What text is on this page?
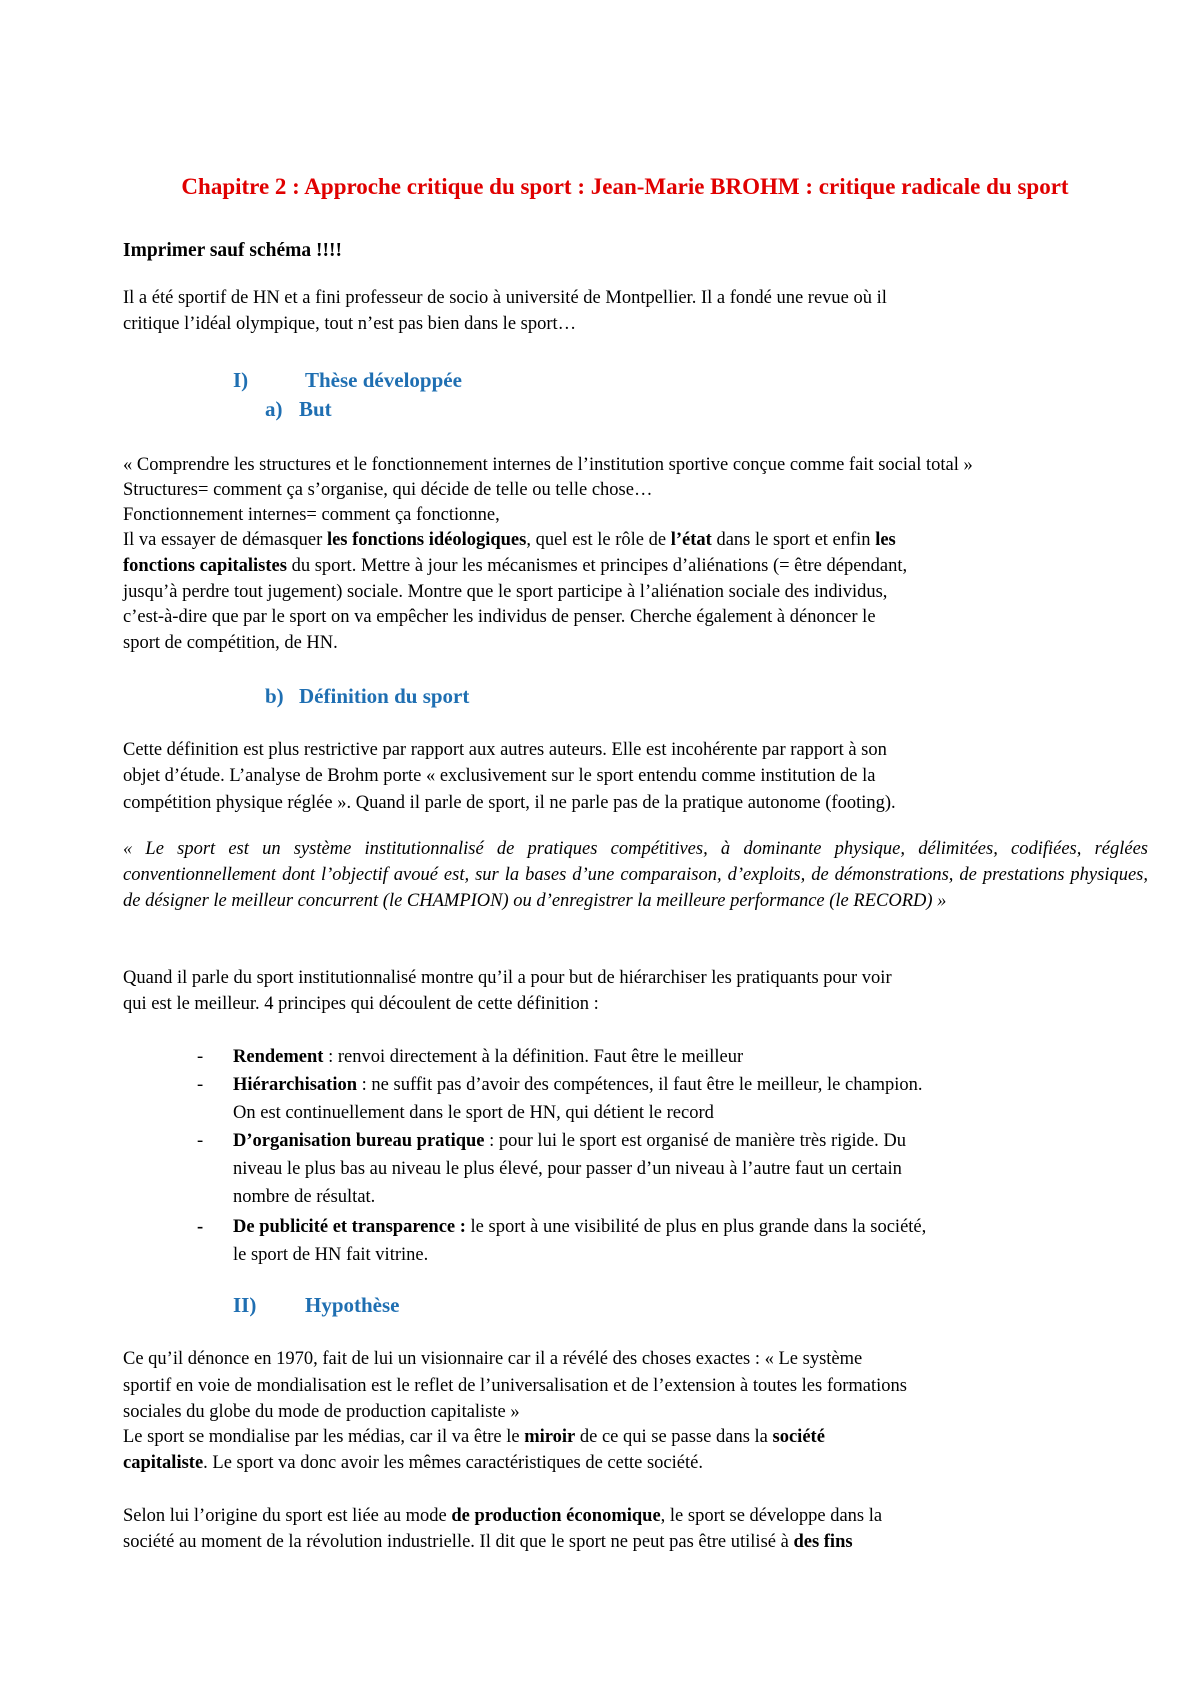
Chapitre 2 : Approche critique du sport : Jean-Marie BROHM : critique radicale du sport
Imprimer sauf schéma !!!!
Il a été sportif de HN et a fini professeur de socio à université de Montpellier. Il a fondé une revue où il
critique l’idéal olympique, tout n’est pas bien dans le sport…
I)	Thèse développée
a) But
« Comprendre les structures et le fonctionnement internes de l’institution sportive conçue comme fait social total »
Structures= comment ça s’organise, qui décide de telle ou telle chose…
Fonctionnement internes= comment ça fonctionne,
Il va essayer de démasquer les fonctions idéologiques, quel est le rôle de l’état dans le sport et enfin les
fonctions capitalistes du sport. Mettre à jour les mécanismes et principes d’aliénations (= être dépendant,
jusqu’à perdre tout jugement) sociale. Montre que le sport participe à l’aliénation sociale des individus,
c’est-à-dire que par le sport on va empêcher les individus de penser. Cherche également à dénoncer le
sport de compétition, de HN.
b) Définition du sport
Cette définition est plus restrictive par rapport aux autres auteurs. Elle est incohérente par rapport à son
objet d’étude. L’analyse de Brohm porte « exclusivement sur le sport entendu comme institution de la
compétition physique réglée ». Quand il parle de sport, il ne parle pas de la pratique autonome (footing).
« Le sport est un système institutionnalisé de pratiques compétitives, à dominante physique, délimitées, codifiées, réglées conventionnellement dont l’objectif avoué est, sur la bases d’une comparaison, d’exploits, de démonstrations, de prestations physiques, de désigner le meilleur concurrent (le CHAMPION) ou d’enregistrer la meilleure performance (le RECORD) »
Quand il parle du sport institutionnalisé montre qu’il a pour but de hiérarchiser les pratiquants pour voir
qui est le meilleur. 4 principes qui découlent de cette définition :
- Rendement : renvoi directement à la définition. Faut être le meilleur
- Hiérarchisation : ne suffit pas d’avoir des compétences, il faut être le meilleur, le champion.
On est continuellement dans le sport de HN, qui détient le record
- D’organisation bureau pratique : pour lui le sport est organisé de manière très rigide. Du
niveau le plus bas au niveau le plus élevé, pour passer d’un niveau à l’autre faut un certain
nombre de résultat.
- De publicité et transparence : le sport à une visibilité de plus en plus grande dans la société,
le sport de HN fait vitrine.
II) Hypothèse
Ce qu’il dénonce en 1970, fait de lui un visionnaire car il a révélé des choses exactes : « Le système
sportif en voie de mondialisation est le reflet de l’universalisation et de l’extension à toutes les formations
sociales du globe du mode de production capitaliste »
Le sport se mondialise par les médias, car il va être le miroir de ce qui se passe dans la société
capitaliste. Le sport va donc avoir les mêmes caractéristiques de cette société.
Selon lui l’origine du sport est liée au mode de production économique, le sport se développe dans la
société au moment de la révolution industrielle. Il dit que le sport ne peut pas être utilisé à des fins
